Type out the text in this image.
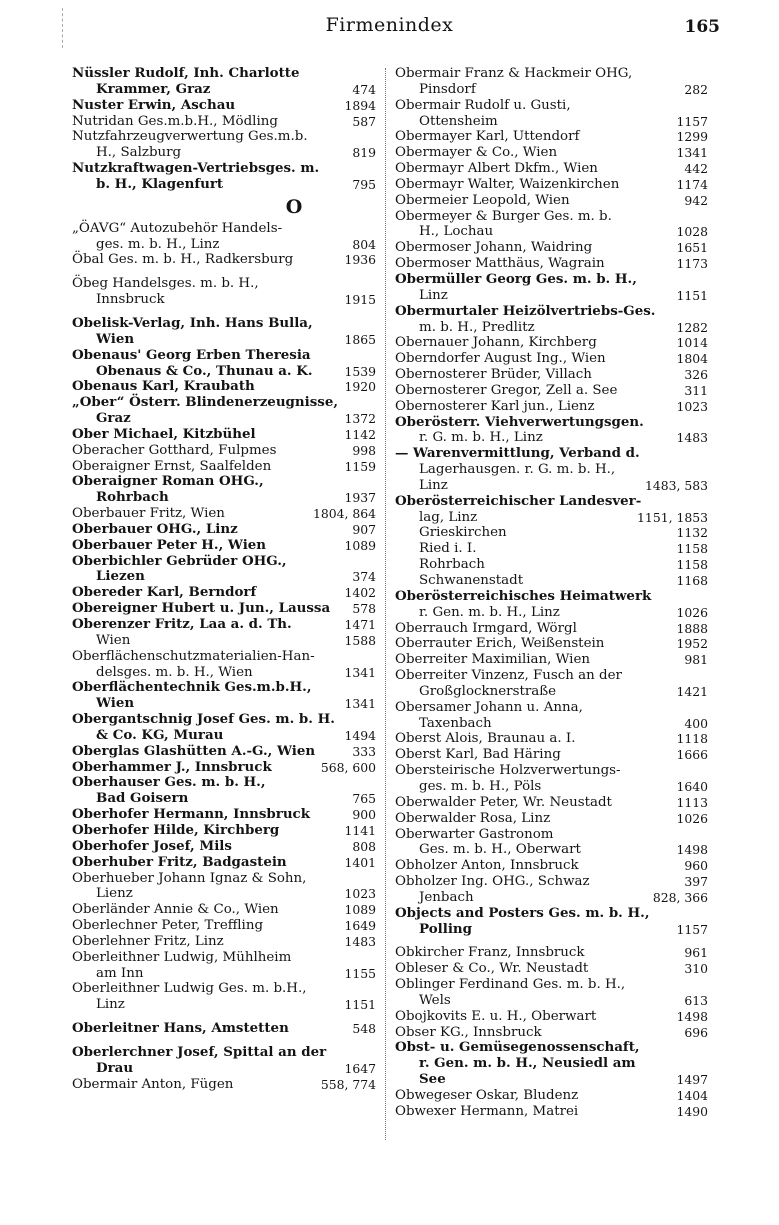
Firmenindex	165
Nüssler Rudolf, Inh. Charlotte
Krammer, Graz	474
Nuster Erwin, Aschau	1894
Nutridan Ges.m.b.H., Mödling	587
Nutzfahrzeugverwertung Ges.m.b.
H., Salzburg	819
Nutzkraftwagen-Vertriebsges. m.
b. H., Klagenfurt	795
O
„ÖAVG“ Autozubehör Handels-
ges. m. b. H., Linz	804
Öbal Ges. m. b. H., Radkersburg	1936
Öbeg Handelsges. m. b. H.,
Innsbruck	1915
Obelisk-Verlag, Inh. Hans Bulla,
Wien	1865
Obenaus' Georg Erben Theresia
Obenaus & Co., Thunau a. K.	1539
Obenaus Karl, Kraubath	1920
„Ober“ Österr. Blindenerzeugnisse,
Graz	1372
Ober Michael, Kitzbühel	1142
Oberacher Gotthard, Fulpmes	998
Oberaigner Ernst, Saalfelden	1159
Oberaigner Roman OHG.,
Rohrbach	1937
Oberbauer Fritz, Wien	1804, 864
Oberbauer OHG., Linz	907
Oberbauer Peter H., Wien	1089
Oberbichler Gebrüder OHG.,
Liezen	374
Obereder Karl, Berndorf	1402
Obereigner Hubert u. Jun., Laussa 578
Oberenzer Fritz, Laa a. d. Th.	1471
Wien	1588
Oberflächenschutzmaterialien-Han-
delsges. m. b. H., Wien	1341
Oberflächentechnik Ges.m.b.H.,
Wien	1341
Obergantschnig Josef Ges. m. b. H.
& Co. KG, Murau	1494
Oberglas Glashütten A.-G., Wien	333
Oberhammer J., Innsbruck	568, 600
Oberhauser Ges. m. b. H.,
Bad Goisern	765
Oberhofer Hermann, Innsbruck	900
Oberhofer Hilde, Kirchberg	1141
Oberhofer Josef, Mils	808
Oberhuber Fritz, Badgastein	1401
Oberhueber Johann Ignaz & Sohn,
Lienz	1023
Oberländer Annie & Co., Wien	1089
Oberlechner Peter, Treffling	1649
Oberlehner Fritz, Linz	1483
Oberleithner Ludwig, Mühlheim
am Inn	1155
Oberleithner Ludwig Ges. m. b.H.,
Linz	1151
Oberleitner Hans, Amstetten	548
Oberlerchner Josef, Spittal an der
Drau	1647
Obermair Anton, Fügen	558, 774
Obermair Franz & Hackmeir OHG,
Pinsdorf	282
Obermair Rudolf u. Gusti,
Ottensheim	1157
Obermayer Karl, Uttendorf	1299
Obermayer & Co., Wien	1341
Obermayr Albert Dkfm., Wien	442
Obermayr Walter, Waizenkirchen	1174
Obermeier Leopold, Wien	942
Obermeyer & Burger Ges. m. b.
H., Lochau	1028
Obermoser Johann, Waidring	1651
Obermoser Matthäus, Wagrain	1173
Obermüller Georg Ges. m. b. H.,
Linz	1151
Obermurtaler Heizölvertriebs-Ges.
m. b. H., Predlitz	1282
Obernauer Johann, Kirchberg	1014
Oberndorfer August Ing., Wien	1804
Obernosterer Brüder, Villach	326
Obernosterer Gregor, Zell a. See	311
Obernosterer Karl jun., Lienz	1023
Oberösterr. Viehverwertungsgen.
r. G. m. b. H., Linz	1483
— Warenvermittlung, Verband d.
Lagerhausgen. r. G. m. b. H.,
Linz	1483, 583
Oberösterreichischer Landesver-
lag, Linz	1151, 1853
Grieskirchen	1132
Ried i. I.	1158
Rohrbach	1158
Schwanenstadt	1168
Oberösterreichisches Heimatwerk
r. Gen. m. b. H., Linz	1026
Oberrauch Irmgard, Wörgl	1888
Oberrauter Erich, Weißenstein	1952
Oberreiter Maximilian, Wien	981
Oberreiter Vinzenz, Fusch an der
Großglocknerstraße	1421
Obersamer Johann u. Anna,
Taxenbach	400
Oberst Alois, Braunau a. I.	1118
Oberst Karl, Bad Häring	1666
Obersteirische Holzverwertungs-
ges. m. b. H., Pöls	1640
Oberwalder Peter, Wr. Neustadt	1113
Oberwalder Rosa, Linz	1026
Oberwarter Gastronom
Ges. m. b. H., Oberwart	1498
Obholzer Anton, Innsbruck	960
Obholzer Ing. OHG., Schwaz	397
Jenbach	828, 366
Objects and Posters Ges. m. b. H.,
Polling	1157
Obkircher Franz, Innsbruck	961
Obleser & Co., Wr. Neustadt	310
Oblinger Ferdinand Ges. m. b. H.,
Wels	613
Obojkovits E. u. H., Oberwart	1498
Obser KG., Innsbruck	696
Obst- u. Gemüsegenossenschaft,
r. Gen. m. b. H., Neusiedl am
See	1497
Obwegeser Oskar, Bludenz	1404
Obwexer Hermann, Matrei	1490
